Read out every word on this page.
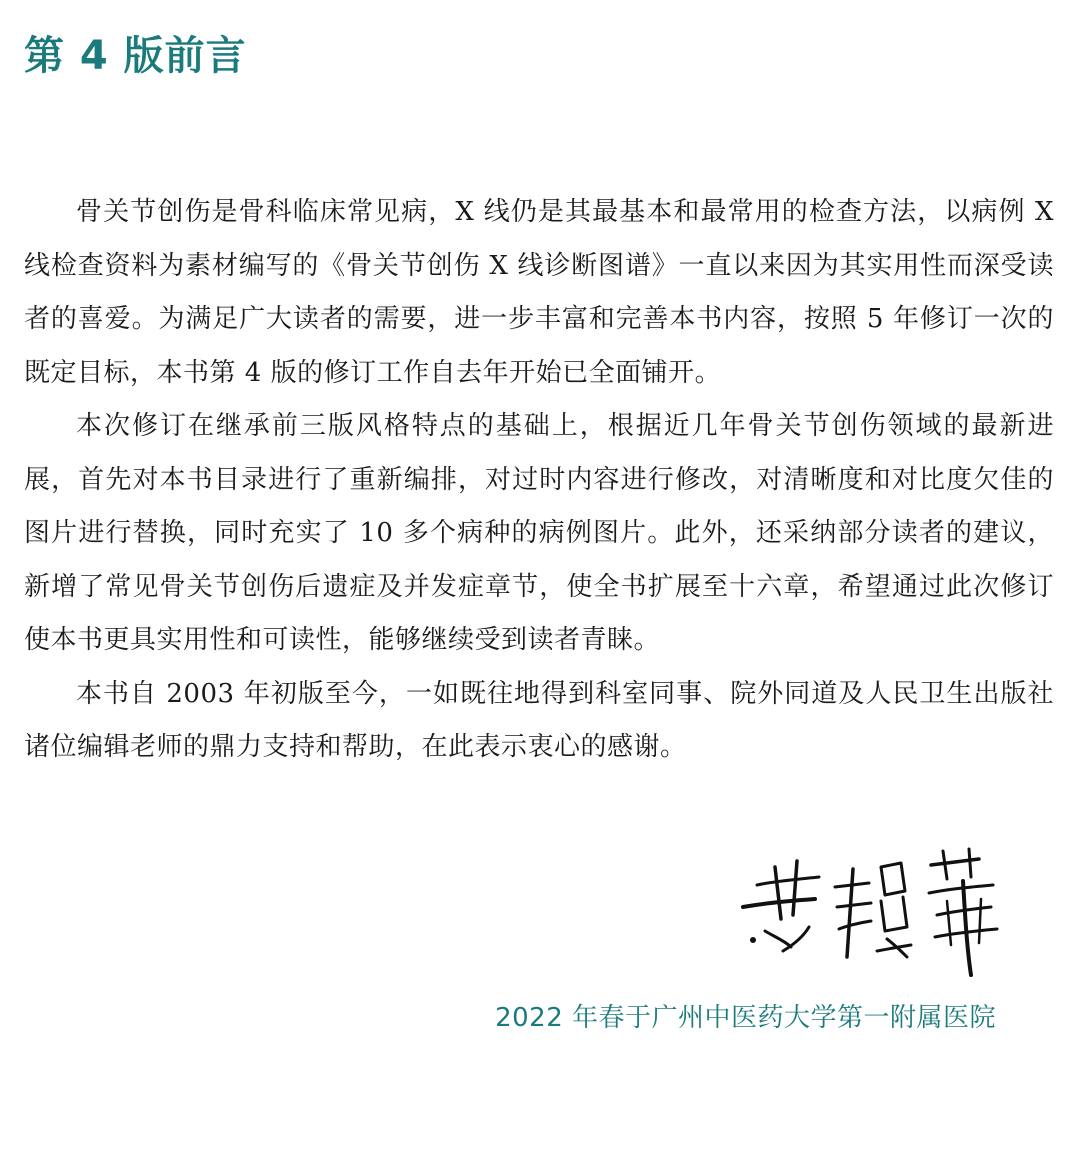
第 4 版前言

骨关节创伤是骨科临床常见病，X 线仍是其最基本和最常用的检查方法，以病例 X 线检查资料为素材编写的《骨关节创伤 X 线诊断图谱》一直以来因为其实用性而深受读者的喜爱。为满足广大读者的需要，进一步丰富和完善本书内容，按照 5 年修订一次的既定目标，本书第 4 版的修订工作自去年开始已全面铺开。

本次修订在继承前三版风格特点的基础上，根据近几年骨关节创伤领域的最新进展，首先对本书目录进行了重新编排，对过时内容进行修改，对清晰度和对比度欠佳的图片进行替换，同时充实了 10 多个病种的病例图片。此外，还采纳部分读者的建议，新增了常见骨关节创伤后遗症及并发症章节，使全书扩展至十六章，希望通过此次修订使本书更具实用性和可读性，能够继续受到读者青睐。

本书自 2003 年初版至今，一如既往地得到科室同事、院外同道及人民卫生出版社诸位编辑老师的鼎力支持和帮助，在此表示衷心的感谢。

2022 年春于广州中医药大学第一附属医院
